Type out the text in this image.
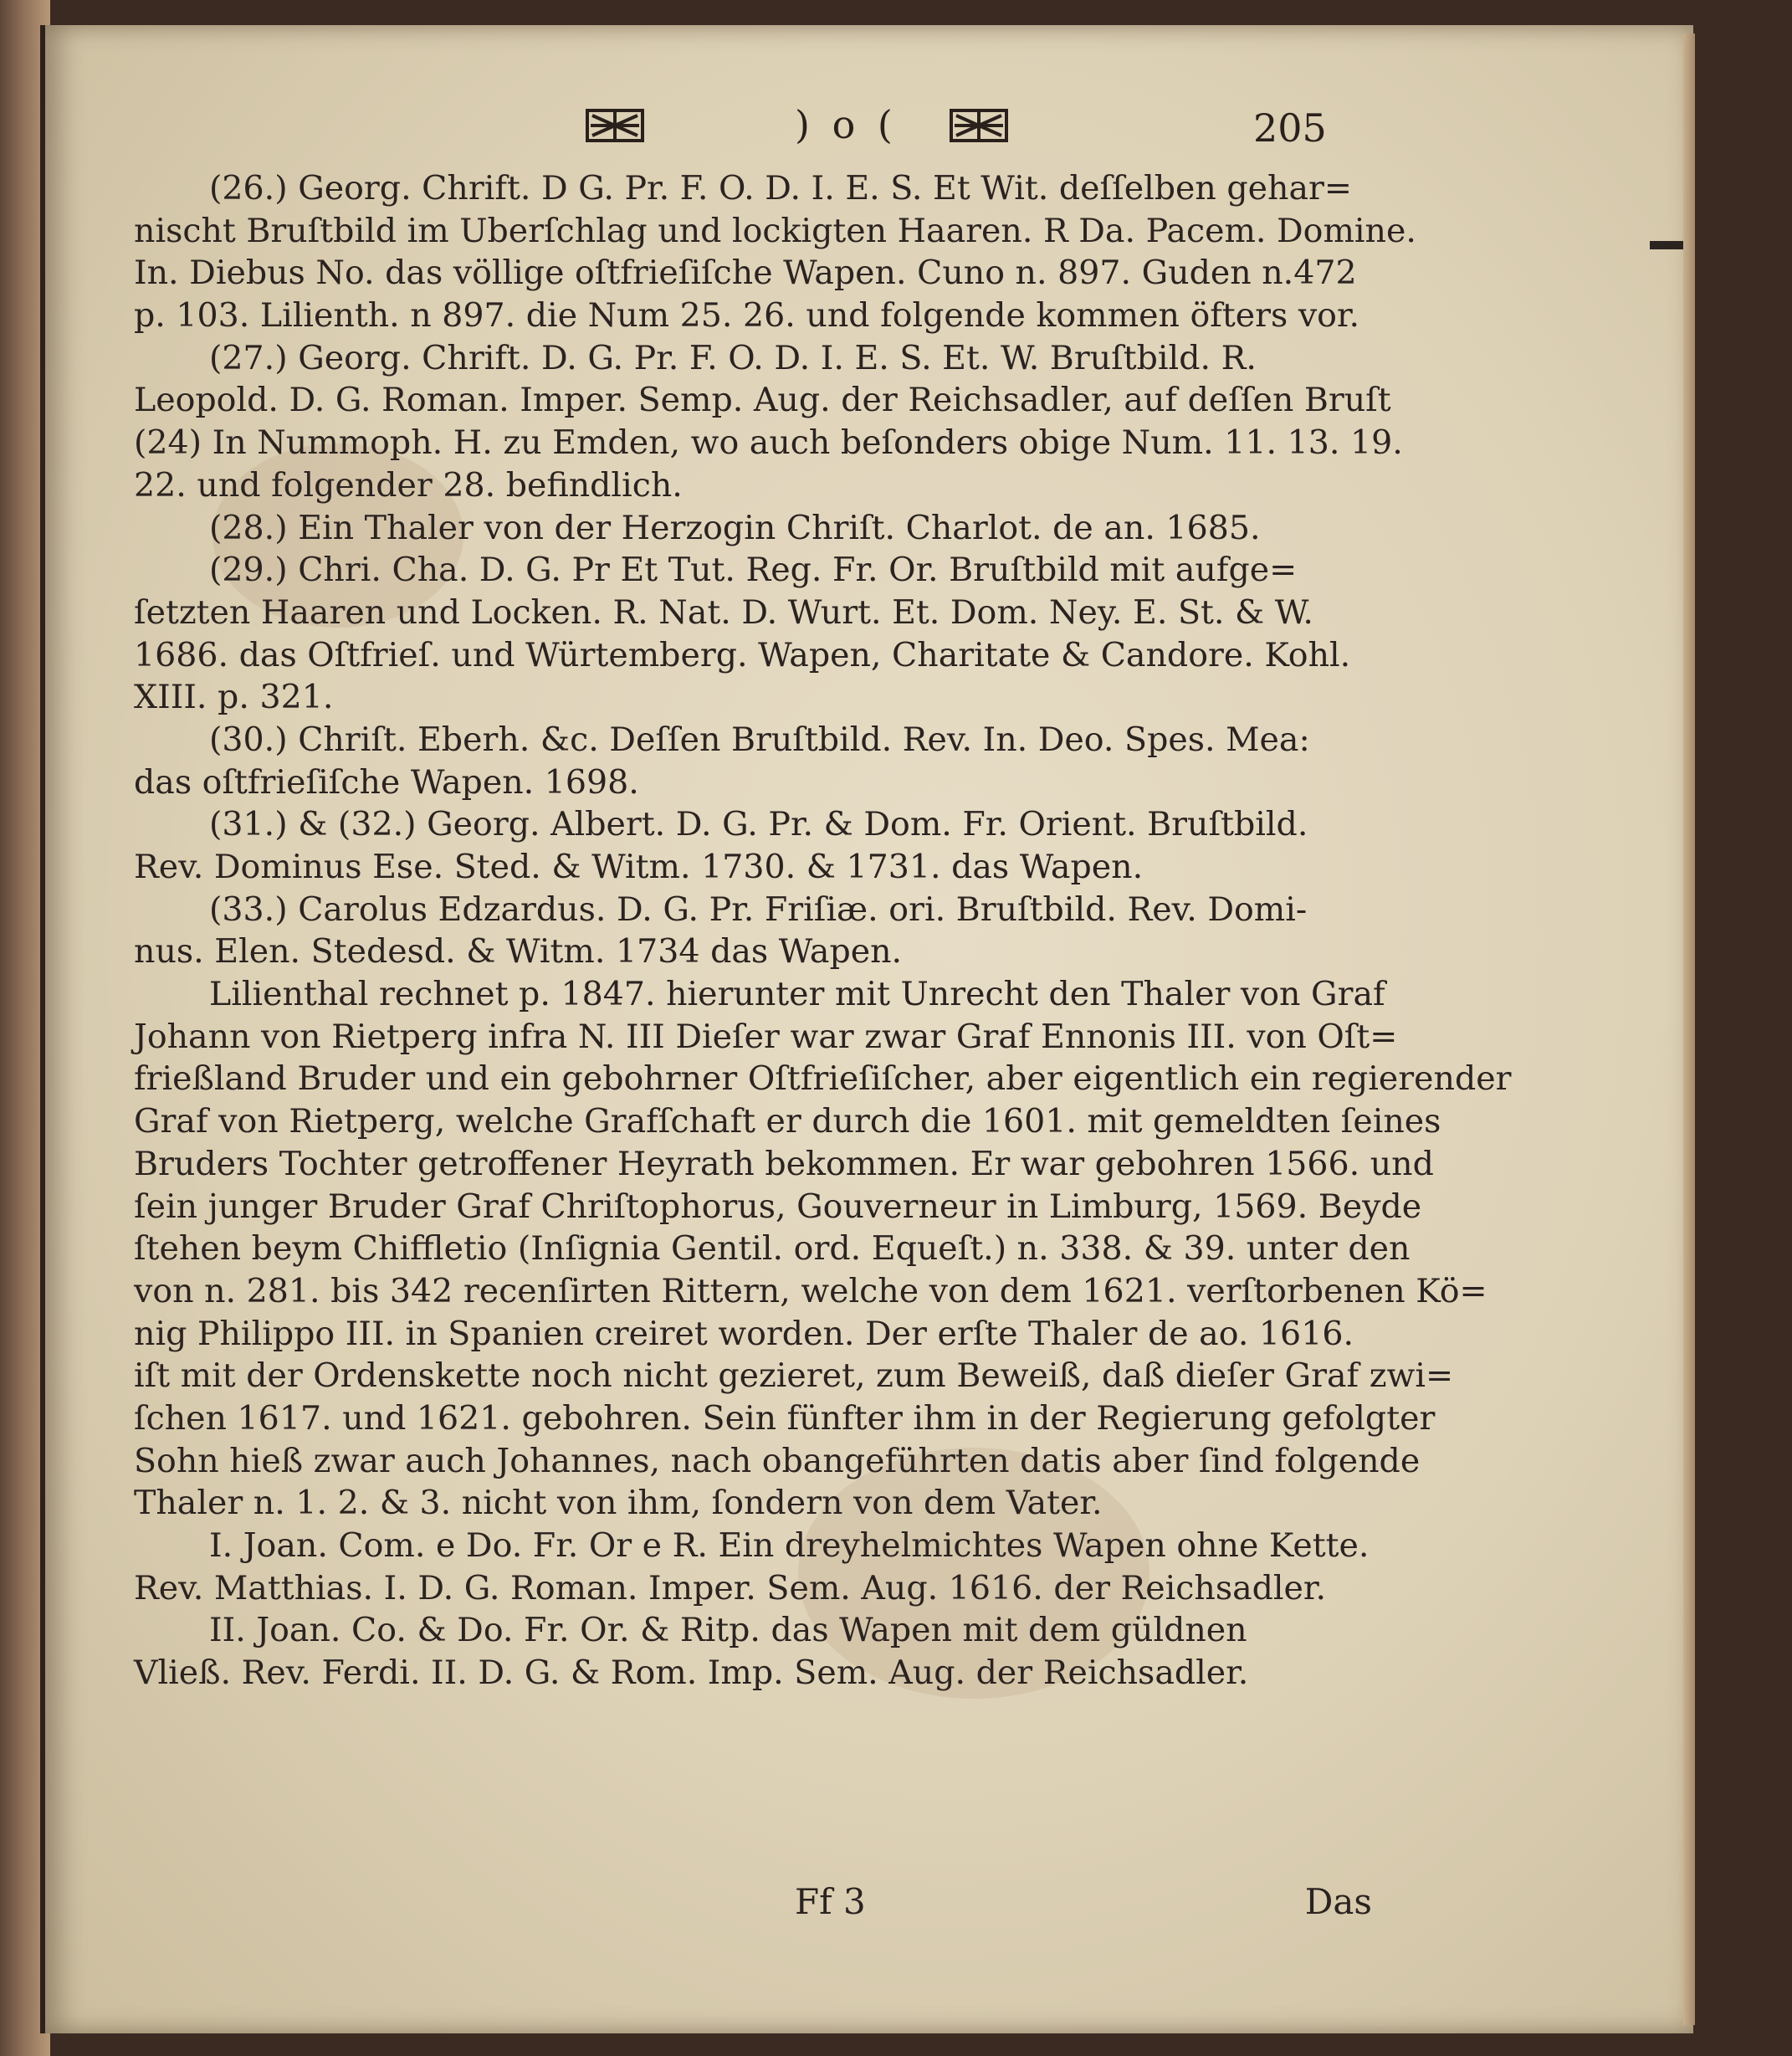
) o (	205
(26.) Georg. Chrift. D G. Pr. F. O. D. I. E. S. Et Wit. deſſelben gehar=
nischt Bruſtbild im Uberſchlag und lockigten Haaren. R Da. Pacem. Domine.
In. Diebus No. das völlige oſtfrieſiſche Wapen. Cuno n. 897. Guden n.472
p. 103. Lilienth. n 897. die Num 25. 26. und folgende kommen öfters vor.
(27.) Georg. Chrift. D. G. Pr. F. O. D. I. E. S. Et. W. Bruſtbild. R.
Leopold. D. G. Roman. Imper. Semp. Aug. der Reichsadler, auf deſſen Bruſt
(24) In Nummoph. H. zu Emden, wo auch beſonders obige Num. 11. 13. 19.
22. und folgender 28. befindlich.
(28.) Ein Thaler von der Herzogin Chriſt. Charlot. de an. 1685.
(29.) Chri. Cha. D. G. Pr Et Tut. Reg. Fr. Or. Bruſtbild mit aufge=
ſetzten Haaren und Locken. R. Nat. D. Wurt. Et. Dom. Ney. E. St. & W.
1686. das Oſtfrieſ. und Würtemberg. Wapen, Charitate & Candore. Kohl.
XIII. p. 321.
(30.) Chriſt. Eberh. &c. Deſſen Bruſtbild. Rev. In. Deo. Spes. Mea:
das oſtfrieſiſche Wapen. 1698.
(31.) & (32.) Georg. Albert. D. G. Pr. & Dom. Fr. Orient. Bruſtbild.
Rev. Dominus Ese. Sted. & Witm. 1730. & 1731. das Wapen.
(33.) Carolus Edzardus. D. G. Pr. Friſiæ. ori. Bruſtbild. Rev. Domi-
nus. Elen. Stedesd. & Witm. 1734 das Wapen.
Lilienthal rechnet p. 1847. hierunter mit Unrecht den Thaler von Graf
Johann von Rietperg infra N. III Dieſer war zwar Graf Ennonis III. von Oſt=
frießland Bruder und ein gebohrner Oſtfrieſiſcher, aber eigentlich ein regierender
Graf von Rietperg, welche Grafſchaft er durch die 1601. mit gemeldten ſeines
Bruders Tochter getroffener Heyrath bekommen. Er war gebohren 1566. und
ſein junger Bruder Graf Chriſtophorus, Gouverneur in Limburg, 1569. Beyde
ſtehen beym Chiffletio (Inſignia Gentil. ord. Equeſt.) n. 338. & 39. unter den
von n. 281. bis 342 recenſirten Rittern, welche von dem 1621. verſtorbenen Kö=
nig Philippo III. in Spanien creiret worden. Der erſte Thaler de ao. 1616.
iſt mit der Ordenskette noch nicht gezieret, zum Beweiß, daß dieſer Graf zwi=
ſchen 1617. und 1621. gebohren. Sein fünfter ihm in der Regierung gefolgter
Sohn hieß zwar auch Johannes, nach obangeführten datis aber ſind folgende
Thaler n. 1. 2. & 3. nicht von ihm, ſondern von dem Vater.
I. Joan. Com. e Do. Fr. Or e R. Ein dreyhelmichtes Wapen ohne Kette.
Rev. Matthias. I. D. G. Roman. Imper. Sem. Aug. 1616. der Reichsadler.
II. Joan. Co. & Do. Fr. Or. & Ritp. das Wapen mit dem güldnen
Vließ. Rev. Ferdi. II. D. G. & Rom. Imp. Sem. Aug. der Reichsadler.
Ff 3	Das
